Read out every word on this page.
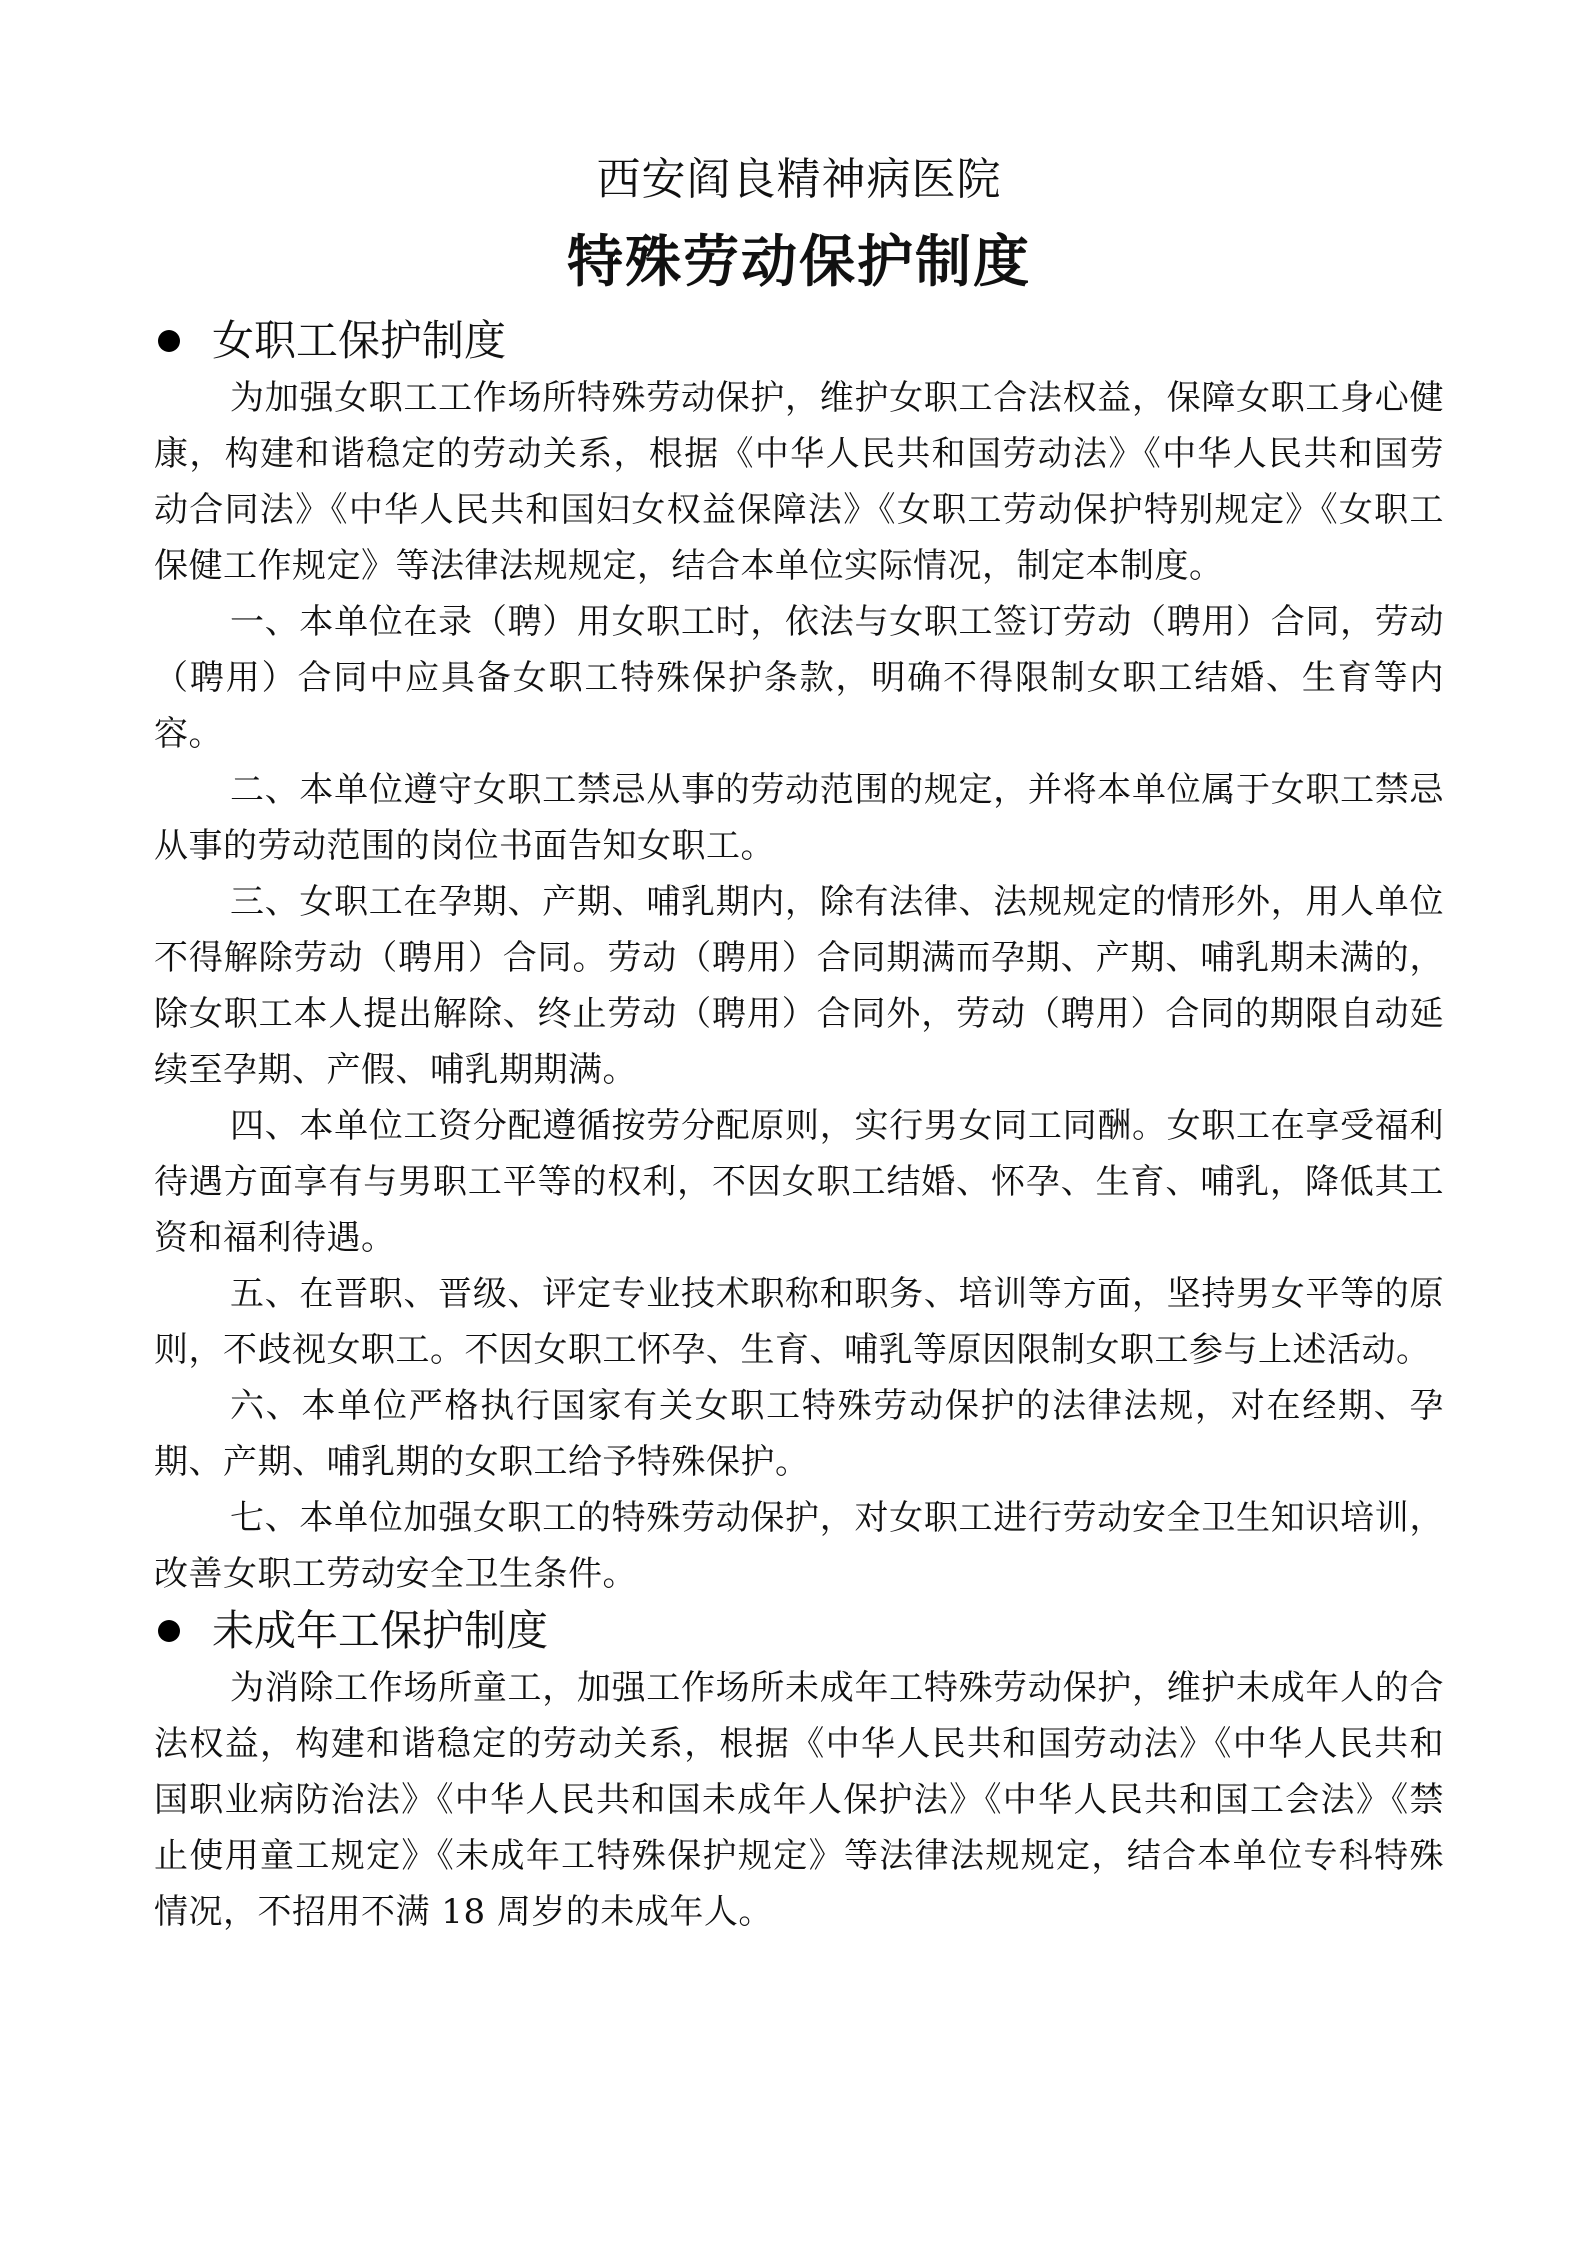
西安阎良精神病医院
特殊劳动保护制度
女职工保护制度

为加强女职工工作场所特殊劳动保护，维护女职工合法权益，保障女职工身心健康，构建和谐稳定的劳动关系，根据《中华人民共和国劳动法》《中华人民共和国劳动合同法》《中华人民共和国妇女权益保障法》《女职工劳动保护特别规定》《女职工保健工作规定》等法律法规规定，结合本单位实际情况，制定本制度。

一、本单位在录（聘）用女职工时，依法与女职工签订劳动（聘用）合同，劳动（聘用）合同中应具备女职工特殊保护条款，明确不得限制女职工结婚、生育等内容。

二、本单位遵守女职工禁忌从事的劳动范围的规定，并将本单位属于女职工禁忌从事的劳动范围的岗位书面告知女职工。

三、女职工在孕期、产期、哺乳期内，除有法律、法规规定的情形外，用人单位不得解除劳动（聘用）合同。劳动（聘用）合同期满而孕期、产期、哺乳期未满的，除女职工本人提出解除、终止劳动（聘用）合同外，劳动（聘用）合同的期限自动延续至孕期、产假、哺乳期期满。

四、本单位工资分配遵循按劳分配原则，实行男女同工同酬。女职工在享受福利待遇方面享有与男职工平等的权利，不因女职工结婚、怀孕、生育、哺乳，降低其工资和福利待遇。

五、在晋职、晋级、评定专业技术职称和职务、培训等方面，坚持男女平等的原则，不歧视女职工。不因女职工怀孕、生育、哺乳等原因限制女职工参与上述活动。

六、本单位严格执行国家有关女职工特殊劳动保护的法律法规，对在经期、孕期、产期、哺乳期的女职工给予特殊保护。

七、本单位加强女职工的特殊劳动保护，对女职工进行劳动安全卫生知识培训，改善女职工劳动安全卫生条件。

未成年工保护制度

为消除工作场所童工，加强工作场所未成年工特殊劳动保护，维护未成年人的合法权益，构建和谐稳定的劳动关系，根据《中华人民共和国劳动法》《中华人民共和国职业病防治法》《中华人民共和国未成年人保护法》《中华人民共和国工会法》《禁止使用童工规定》《未成年工特殊保护规定》等法律法规规定，结合本单位专科特殊情况，不招用不满 18 周岁的未成年人。
